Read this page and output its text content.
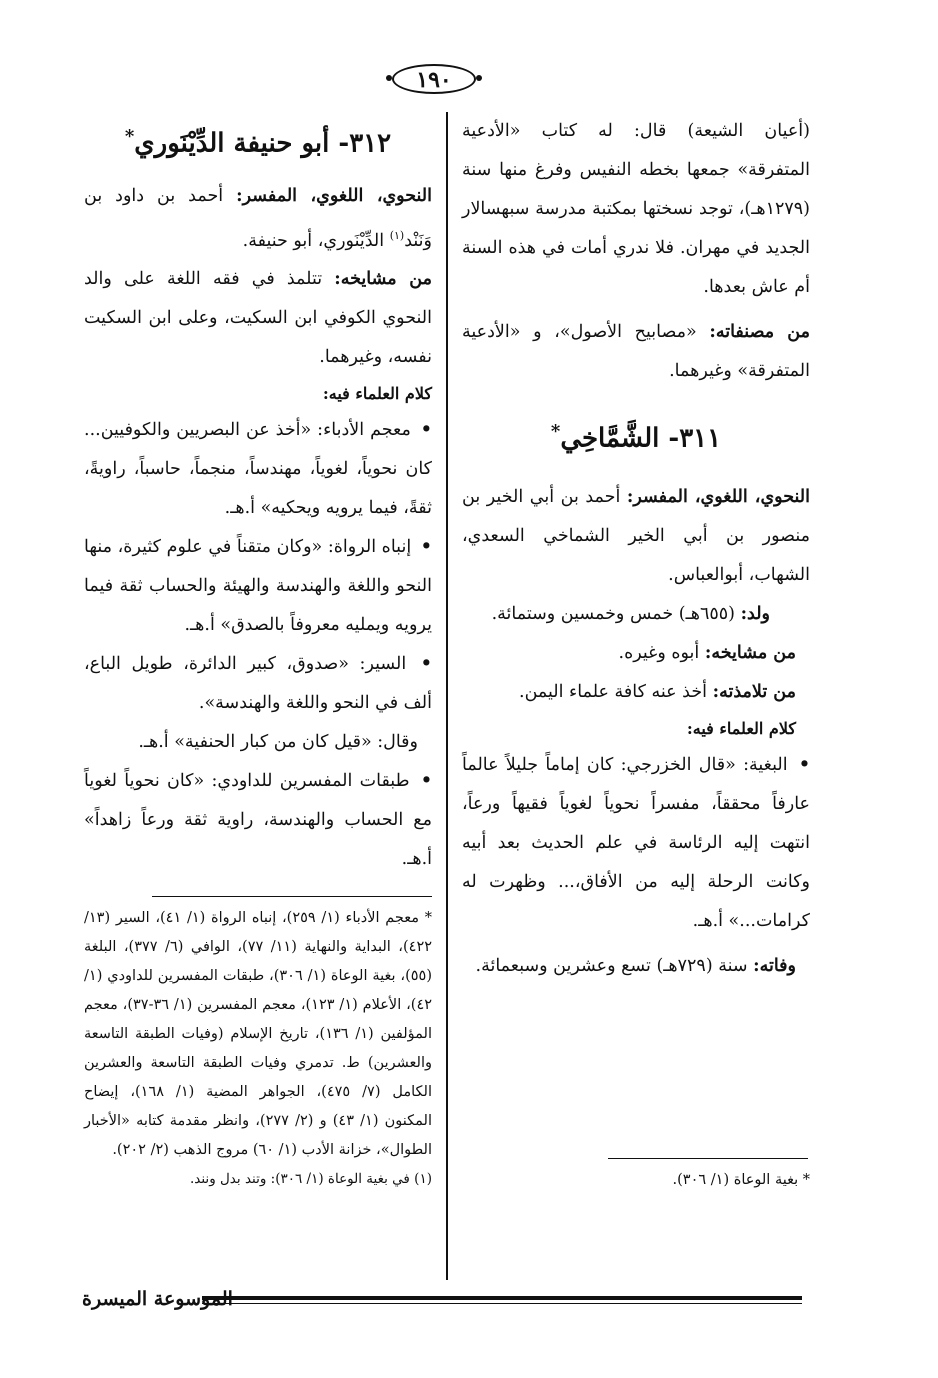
١٩٠

(أعيان الشيعة) قال: له كتاب «الأدعية المتفرقة» جمعها بخطه النفيس وفرغ منها سنة (١٢٧٩هـ)، توجد نسختها بمكتبة مدرسة سبهسالار الجديد في مهران. فلا ندري أمات في هذه السنة أم عاش بعدها.

من مصنفاته: «مصابيح الأصول»، و «الأدعية المتفرقة» وغيرهما.

٣١١- الشَّمَّاخِي*

النحوي، اللغوي، المفسر: أحمد بن أبي الخير بن منصور بن أبي الخير الشماخي السعدي، الشهاب، أبوالعباس.

ولد: (٦٥٥هـ) خمس وخمسين وستمائة.

من مشايخه: أبوه وغيره.

من تلامذته: أخذ عنه كافة علماء اليمن.

كلام العلماء فيه:

• البغية: «قال الخزرجي: كان إماماً جليلاً عالماً عارفاً محققاً، مفسراً نحوياً لغوياً فقيهاً ورعاً، انتهت إليه الرئاسة في علم الحديث بعد أبيه وكانت الرحلة إليه من الأفاق،... وظهرت له كرامات...» أ.هـ.

وفاته: سنة (٧٢٩هـ) تسع وعشرين وسبعمائة.

* بغية الوعاة (١/ ٣٠٦).

٣١٢- أبو حنيفة الدِّيْنَوري*

النحوي، اللغوي، المفسر: أحمد بن داود بن وَنَنْد$^{(١)}$ الدِّيْنَوري، أبو حنيفة.

من مشايخه: تتلمذ في فقه اللغة على والد النحوي الكوفي ابن السكيت، وعلى ابن السكيت نفسه، وغيرهما.

كلام العلماء فيه:

• معجم الأدباء: «أخذ عن البصريين والكوفيين... كان نحوياً، لغوياً، مهندساً، منجماً، حاسباً، راويةً، ثقةً، فيما يرويه ويحكيه» أ.هـ.

• إنباه الرواة: «وكان متقناً في علوم كثيرة، منها النحو واللغة والهندسة والهيئة والحساب ثقة فيما يرويه ويمليه معروفاً بالصدق» أ.هـ.

• السير: «صدوق، كبير الدائرة، طويل الباع، ألف في النحو واللغة والهندسة».

وقال: «قيل كان من كبار الحنفية» أ.هـ.

• طبقات المفسرين للداودي: «كان نحوياً لغوياً مع الحساب والهندسة، راوية ثقة ورعاً زاهداً» أ.هـ.

* معجم الأدباء (١/ ٢٥٩)، إنباه الرواة (١/ ٤١)، السير (١٣/ ٤٢٢)، البداية والنهاية (١١/ ٧٧)، الوافي (٦/ ٣٧٧)، البلغة (٥٥)، بغية الوعاة (١/ ٣٠٦)، طبقات المفسرين للداودي (١/ ٤٢)، الأعلام (١/ ١٢٣)، معجم المفسرين (١/ ٣٦-٣٧)، معجم المؤلفين (١/ ١٣٦)، تاريخ الإسلام (وفيات الطبقة التاسعة والعشرين) ط. تدمري وفيات الطبقة التاسعة والعشرين الكامل (٧/ ٤٧٥)، الجواهر المضية (١/ ١٦٨)، إيضاح المكنون (١/ ٤٣) و (٢/ ٢٧٧)، وانظر مقدمة كتابه «الأخبار الطوال»، خزانة الأدب (١/ ٦٠) مروج الذهب (٢/ ٢٠٢).

(١) في بغية الوعاة (١/ ٣٠٦): وتند بدل ونند.

الموسوعة الميسرة
